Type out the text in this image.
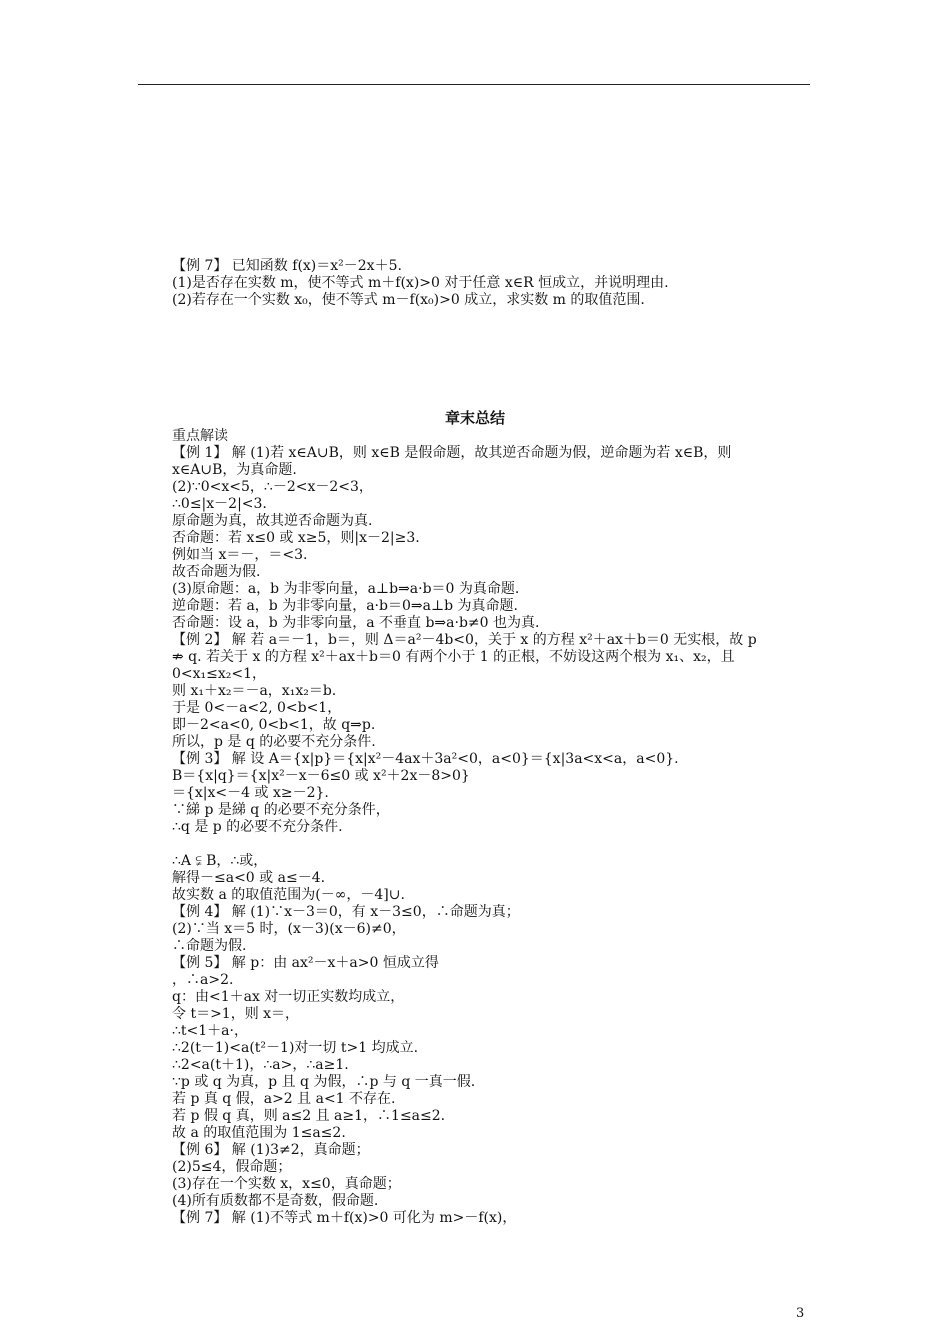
【例 7】 已知函数 f(x)＝x²－2x＋5.
(1)是否存在实数 m，使不等式 m＋f(x)>0 对于任意 x∈R 恒成立，并说明理由.
(2)若存在一个实数 x₀，使不等式 m－f(x₀)>0 成立，求实数 m 的取值范围.
章末总结
重点解读
【例 1】 解 (1)若 x∈A∪B，则 x∈B 是假命题，故其逆否命题为假，逆命题为若 x∈B，则
x∈A∪B，为真命题.
(2)∵0<x<5，∴－2<x－2<3，
∴0≤|x－2|<3.
原命题为真，故其逆否命题为真.
否命题：若 x≤0 或 x≥5，则|x－2|≥3.
例如当 x＝－，＝<3.
故否命题为假.
(3)原命题：a，b 为非零向量，a⊥b⇒a·b＝0 为真命题.
逆命题：若 a，b 为非零向量，a·b＝0⇒a⊥b 为真命题.
否命题：设 a，b 为非零向量，a 不垂直 b⇒a·b≠0 也为真.
【例 2】 解 若 a＝－1，b＝，则 Δ＝a²－4b<0，关于 x 的方程 x²＋ax＋b＝0 无实根，故 p
⇏ q. 若关于 x 的方程 x²＋ax＋b＝0 有两个小于 1 的正根，不妨设这两个根为 x₁、x₂，且
0<x₁≤x₂<1，
则 x₁＋x₂＝－a，x₁x₂＝b.
于是 0<－a<2, 0<b<1，
即－2<a<0, 0<b<1，故 q⇒p.
所以，p 是 q 的必要不充分条件.
【例 3】 解 设 A＝{x|p}＝{x|x²－4ax＋3a²<0，a<0}＝{x|3a<x<a，a<0}.
B＝{x|q}＝{x|x²－x－6≤0 或 x²＋2x－8>0}
＝{x|x<－4 或 x≥－2}.
∵綈 p 是綈 q 的必要不充分条件，
∴q 是 p 的必要不充分条件.
∴A ⫋ B，∴或，
解得－≤a<0 或 a≤－4.
故实数 a 的取值范围为(－∞，－4]∪.
【例 4】 解 (1)∵x－3＝0，有 x－3≤0，∴命题为真；
(2)∵当 x＝5 时，(x－3)(x－6)≠0，
∴命题为假.
【例 5】 解 p：由 ax²－x＋a>0 恒成立得
，∴a>2.
q：由<1＋ax 对一切正实数均成立，
令 t＝>1，则 x＝，
∴t<1＋a·，
∴2(t－1)<a(t²－1)对一切 t>1 均成立.
∴2<a(t＋1)，∴a>，∴a≥1.
∵p 或 q 为真，p 且 q 为假，∴p 与 q 一真一假.
若 p 真 q 假，a>2 且 a<1 不存在.
若 p 假 q 真，则 a≤2 且 a≥1，∴1≤a≤2.
故 a 的取值范围为 1≤a≤2.
【例 6】 解 (1)3≠2，真命题；
(2)5≤4，假命题；
(3)存在一个实数 x，x≤0，真命题；
(4)所有质数都不是奇数，假命题.
【例 7】 解 (1)不等式 m＋f(x)>0 可化为 m>－f(x)，
3
